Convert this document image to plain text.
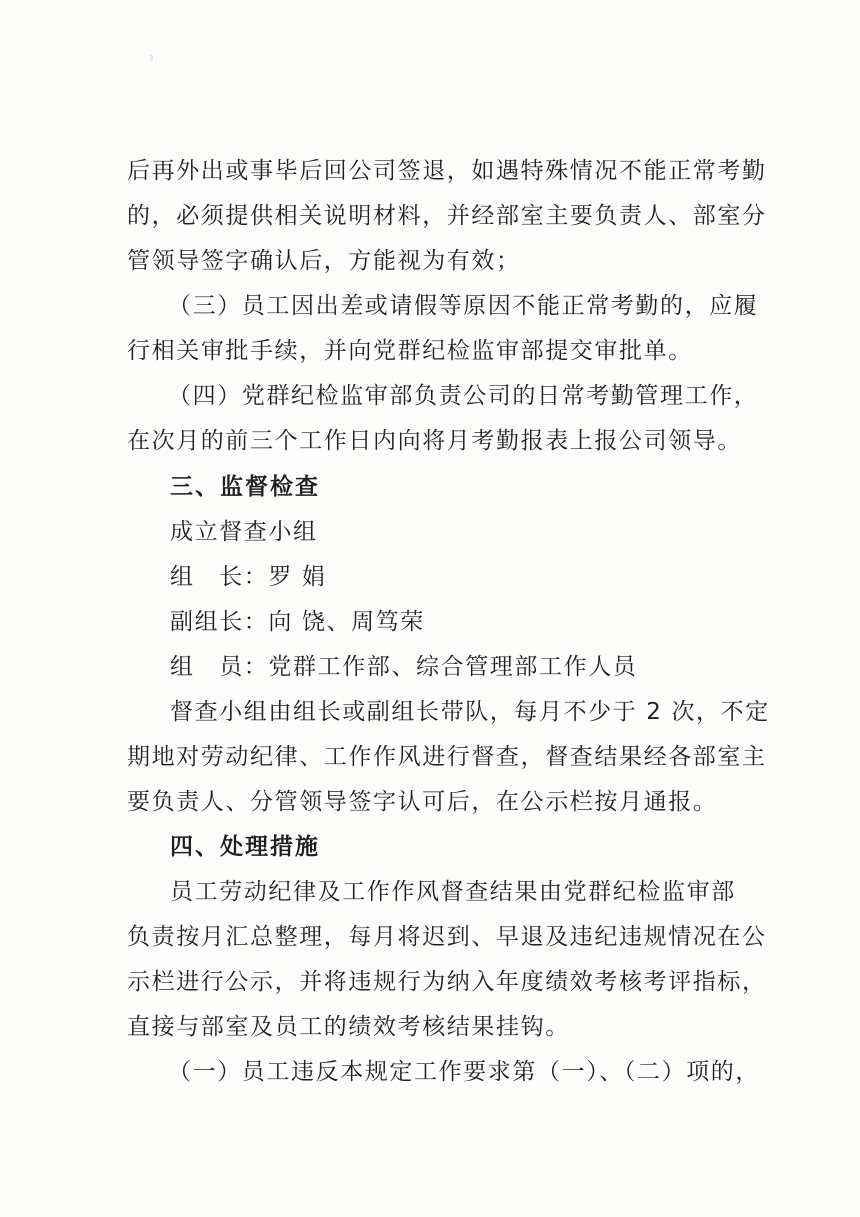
后再外出或事毕后回公司签退，如遇特殊情况不能正常考勤
的，必须提供相关说明材料，并经部室主要负责人、部室分
管领导签字确认后，方能视为有效；
（三）员工因出差或请假等原因不能正常考勤的，应履
行相关审批手续，并向党群纪检监审部提交审批单。
（四）党群纪检监审部负责公司的日常考勤管理工作，
在次月的前三个工作日内向将月考勤报表上报公司领导。
三、监督检查
成立督查小组
组　长：罗 娟
副组长：向 饶、周笃荣
组　员：党群工作部、综合管理部工作人员
督查小组由组长或副组长带队，每月不少于 2 次，不定
期地对劳动纪律、工作作风进行督查，督查结果经各部室主
要负责人、分管领导签字认可后，在公示栏按月通报。
四、处理措施
员工劳动纪律及工作作风督查结果由党群纪检监审部
负责按月汇总整理，每月将迟到、早退及违纪违规情况在公
示栏进行公示，并将违规行为纳入年度绩效考核考评指标，
直接与部室及员工的绩效考核结果挂钩。
（一）员工违反本规定工作要求第（一）、（二）项的，
